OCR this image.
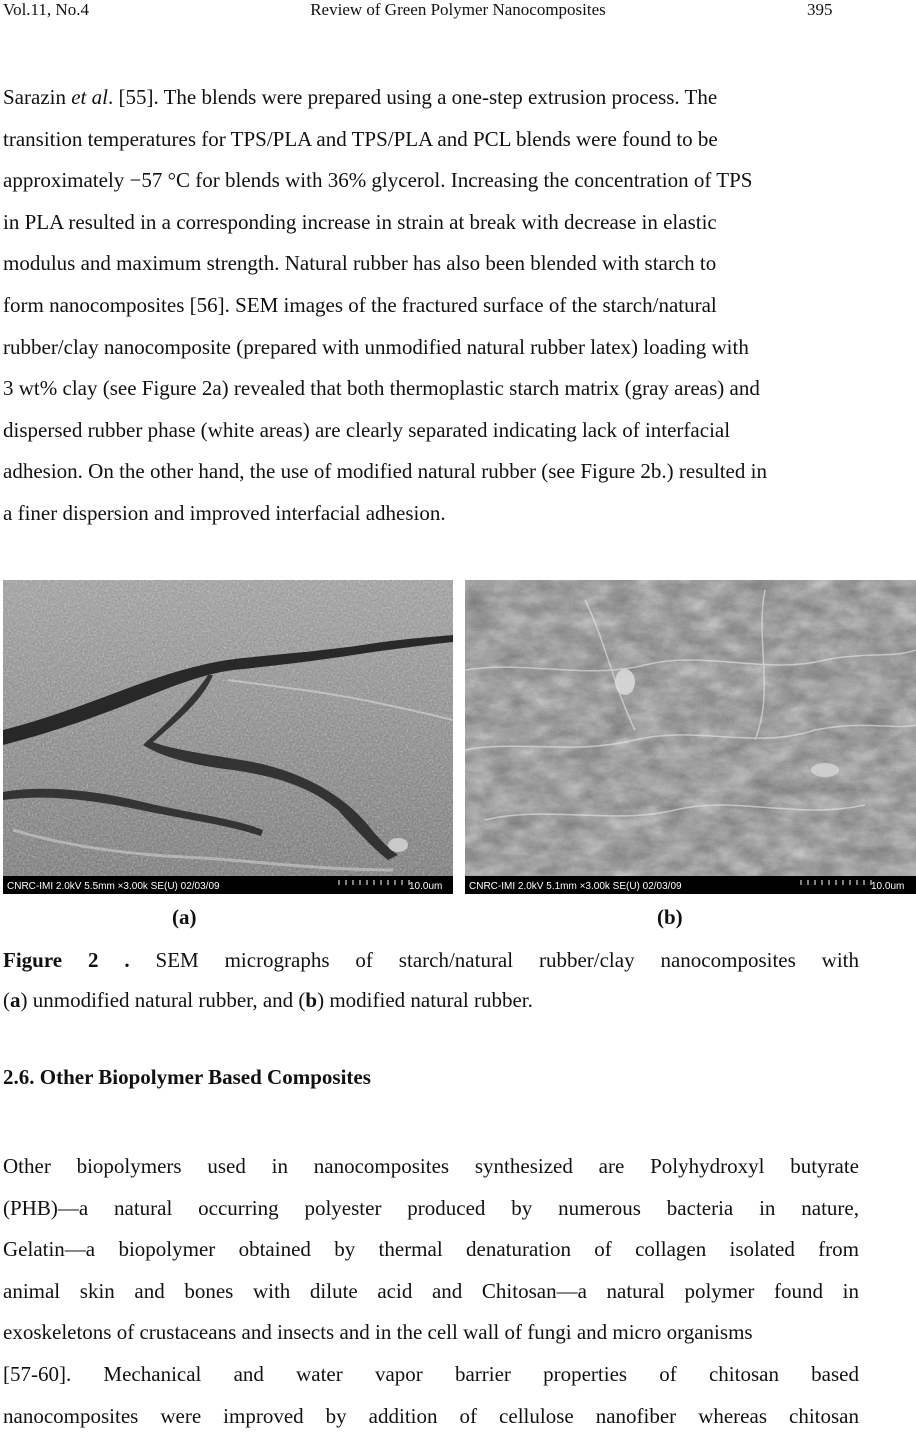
Vol.11, No.4	Review of Green Polymer Nanocomposites	395
Sarazin et al. [55]. The blends were prepared using a one-step extrusion process. The
transition temperatures for TPS/PLA and TPS/PLA and PCL blends were found to be
approximately −57 °C for blends with 36% glycerol. Increasing the concentration of TPS
in PLA resulted in a corresponding increase in strain at break with decrease in elastic
modulus and maximum strength. Natural rubber has also been blended with starch to
form nanocomposites [56]. SEM images of the fractured surface of the starch/natural
rubber/clay nanocomposite (prepared with unmodified natural rubber latex) loading with
3 wt% clay (see Figure 2a) revealed that both thermoplastic starch matrix (gray areas) and
dispersed rubber phase (white areas) are clearly separated indicating lack of interfacial
adhesion. On the other hand, the use of modified natural rubber (see Figure 2b.) resulted in
a finer dispersion and improved interfacial adhesion.
CNRC-IMI 2.0kV 5.5mm ×3.00k SE(U) 02/03/09	10.0um	CNRC-IMI 2.0kV 5.1mm ×3.00k SE(U) 02/03/09	10.0um
(a)	(b)
Figure 2 . SEM micrographs of starch/natural rubber/clay nanocomposites with
(a) unmodified natural rubber, and (b) modified natural rubber.
2.6. Other Biopolymer Based Composites
Other biopolymers used in nanocomposites synthesized are Polyhydroxyl butyrate
(PHB)—a natural occurring polyester produced by numerous bacteria in nature,
Gelatin—a biopolymer obtained by thermal denaturation of collagen isolated from
animal skin and bones with dilute acid and Chitosan—a natural polymer found in
exoskeletons of crustaceans and insects and in the cell wall of fungi and micro organisms
[57-60]. Mechanical and water vapor barrier properties of chitosan based
nanocomposites were improved by addition of cellulose nanofiber whereas chitosan
